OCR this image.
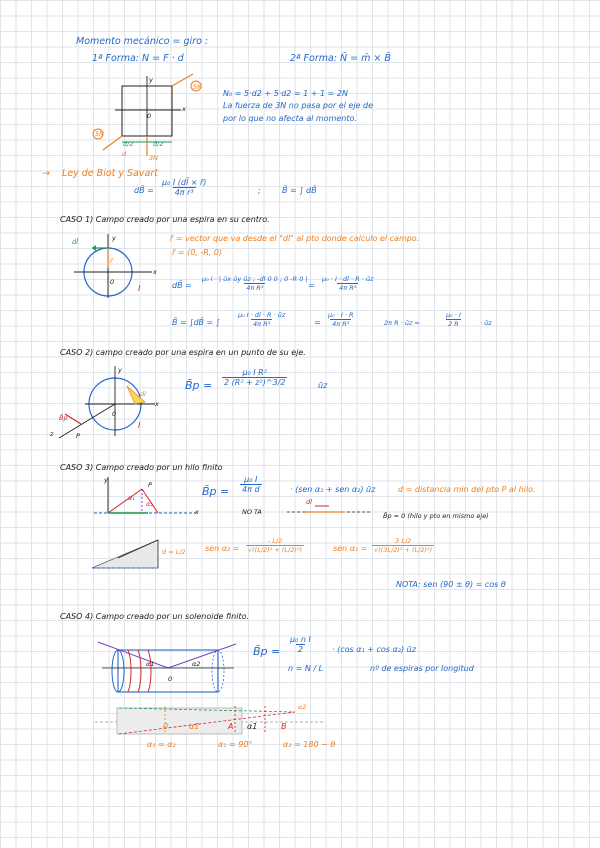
Momento mecánico = giro :
1ª Forma: N = F · d	2ª Forma: N̄ = m̄ × B̄
y
x
0
5N
5N
3N
d/2	d/2
d
N₀ = 5·d2 + 5·d2 = 1 + 1 = 2N
La fuerza de 3N no pasa por el eje de
por lo que no afecta al momento.
→ Ley de Biot y Savart
dB̄ = $\frac{\text{μ₀ I (dl̄ × r̄)}}{\text{4π r³}}$	;	B̄ = ∫ dB̄
CASO 1) Campo creado por una espira en su centro.
dl̄	y
x
r̄
0
I
r̄ = vector que va desde el "dl" al pto donde calculo el campo.
r̄ = (0, -R, 0)
dB̄ = $\frac{\text{μ₀ I · | ūx ūy ūz ; -dl 0 0 ; 0 -R 0 |}}{\text{4π R³}}$
= $\frac{\text{μ₀ · I · dl · R · ūz}}{\text{4π R³}}$
B̄ = ∫dB̄ = ∫ $\frac{\text{μ₀ I · dl · R · ūz}}{\text{4π R³}}$	= $\frac{\text{μ₀ · I · R}}{\text{4π R³}}$	2π R · ūz =	$\frac{\text{μ₀ · I}}{2 R}$	· ūz
CASO 2) campo creado por una espira en un punto de su eje.
y
x
z
B̄p
P
0
I
dl
B̄p = $\frac{\text{μ₀ I R²}}{\text{2 (R² + z²)\textasciicircum{}3/2}}$	ūz
CASO 3) Campo creado por un hilo finito
y
x
P
α₁
α₂
B̄p = $\frac{\text{μ₀ I}}{\text{4π d}}$	· (sen α₁ + sen α₂) ūz	d = distancia min del pto P al hilo.
NO TA
dl
B̄p = 0 (hilo y pto en mismo eje)
d = L/2 sen $\alpha_2 = \frac{- L/2}{\text{√((L/2)² + (L/2)²)}}$	sen $\alpha_1 = \frac{3 L/2}{\text{√((3L/2)² + (L/2)²)}}$
NOTA: sen (90 ± θ) = cos θ
CASO 4) Campo creado por un solenoide finito.
α1	α2
0
B̄p = $\frac{\text{μ₀ n I}}{2} \cdot (\cos$ α₁ + cos α₂) ūz
n = N / L	nº de espiras por longitud
0	α1	A α1	B
α2
α₁ = α₂	α₁ = 90°	α₂ = 180 − θ
